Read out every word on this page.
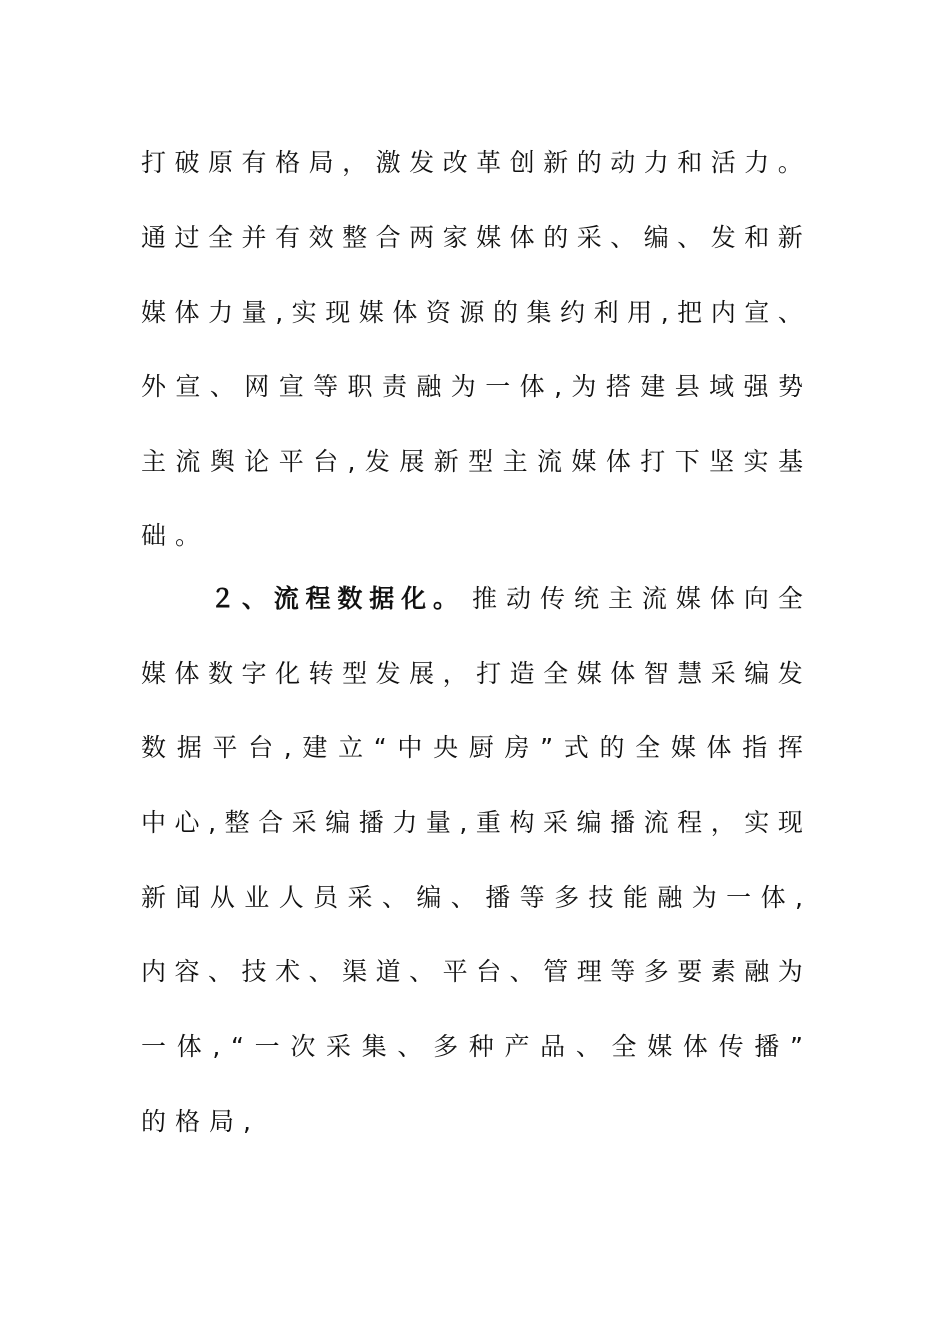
打 破 原 有 格 局 ， 激 发 改 革 创 新 的 动 力 和 活 力 。
通 过 全 并 有 效 整 合 两 家 媒 体 的 采 、 编 、 发 和 新
媒 体 力 量 , 实 现 媒 体 资 源 的 集 约 利 用 , 把 内 宣 、
外 宣 、 网 宣 等 职 责 融 为 一 体 , 为 搭 建 县 域 强 势
主 流 舆 论 平 台 , 发 展 新 型 主 流 媒 体 打 下 坚 实 基
础 。
２ 、 流 程 数 据 化 。 推 动 传 统 主 流 媒 体 向 全
媒 体 数 字 化 转 型 发 展 ， 打 造 全 媒 体 智 慧 采 编 发
数 据 平 台 , 建 立 “ 中 央 厨 房 ” 式 的 全 媒 体 指 挥
中 心 , 整 合 采 编 播 力 量 , 重 构 采 编 播 流 程 ， 实 现
新 闻 从 业 人 员 采 、 编 、 播 等 多 技 能 融 为 一 体 ,
内 容 、 技 术 、 渠 道 、 平 台 、 管 理 等 多 要 素 融 为
一 体 , “ 一 次 采 集 、 多 种 产 品 、 全 媒 体 传 播 ”
的 格 局 ,
